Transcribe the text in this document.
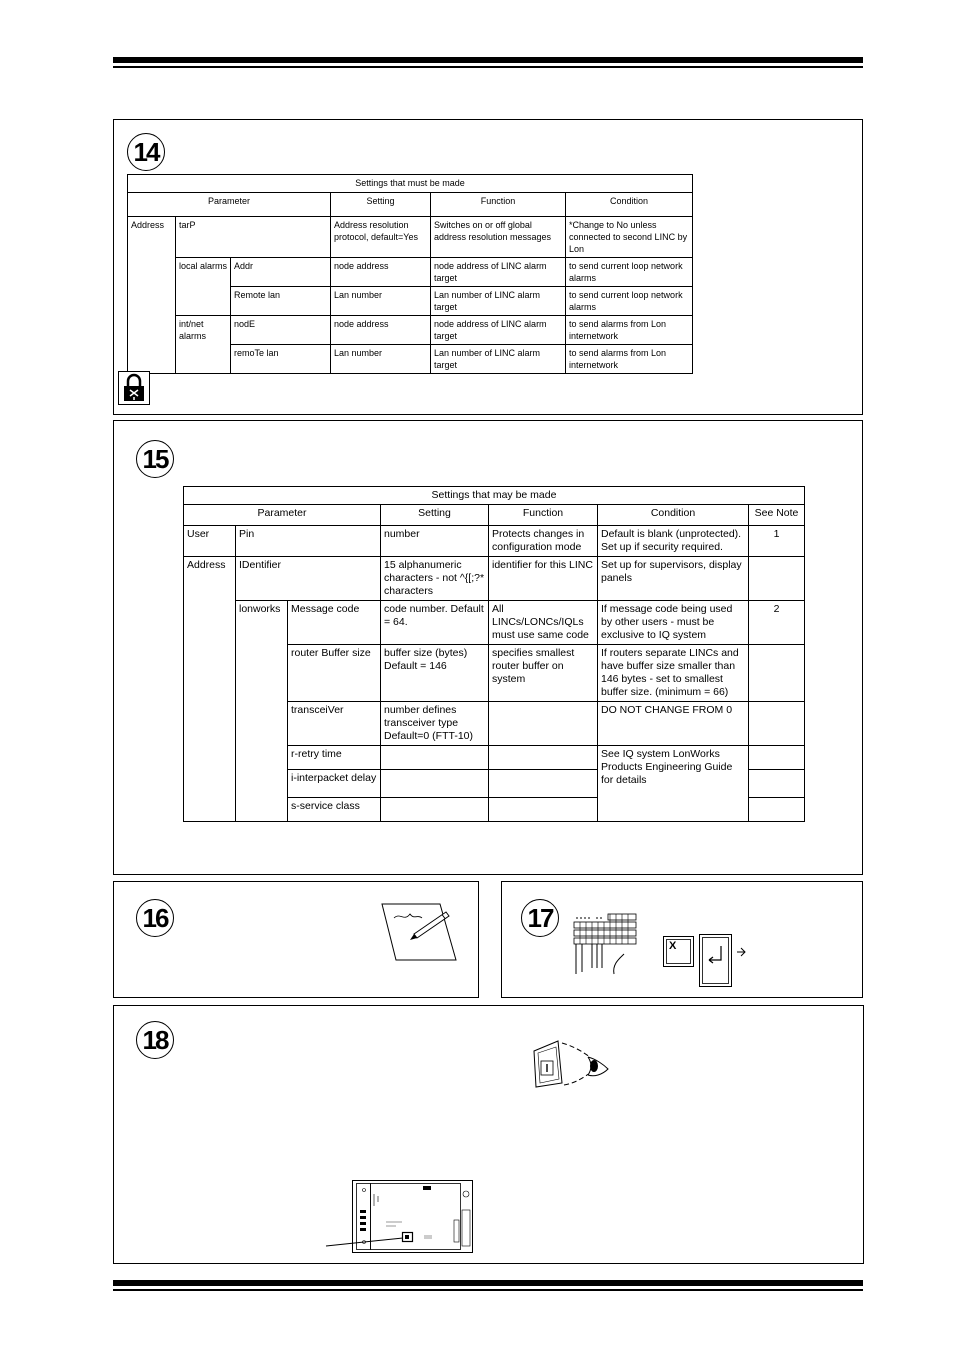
14
Settings that must be made					
Parameter			Setting	Function	Condition
Address	tarP		Address resolution protocol, default=Yes	Switches on or off global address resolution messages	*Change to No unless connected to second LINC by Lon
	local alarms	Addr	node address	node address of LINC alarm target	to send current loop network alarms
		Remote lan	Lan number	Lan number of LINC alarm target	to send current loop network alarms
	int/net alarms	nodE	node address	node address of LINC alarm target	to send alarms from Lon internetwork
		remoTe lan	Lan number	Lan number of LINC alarm target	to send alarms from Lon internetwork
15
Settings that may be made						
Parameter			Setting	Function	Condition	See Note
User	Pin		number	Protects changes in configuration mode	Default is blank (unprotected). Set up if security required.	1
Address	IDentifier		15 alphanumeric characters - not ^{[;?* characters	identifier for this LINC	Set up for supervisors, display panels	
	lonworks	Message code	code number. Default = 64.	All LINCs/LONCs/IQLs must use same code	If message code being used by other users - must be exclusive to IQ system	2
		router Buffer size	buffer size (bytes) Default = 146	specifies smallest router buffer on system	If routers separate LINCs and have buffer size smaller than 146 bytes - set to smallest buffer size. (minimum = 66)	
		transceiVer	number defines transceiver type Default=0 (FTT-10)		DO NOT CHANGE FROM 0	
		r-retry time			See IQ system LonWorks Products Engineering Guide for details	
		i-interpacket delay				
		s-service class				
16	17
X
18
